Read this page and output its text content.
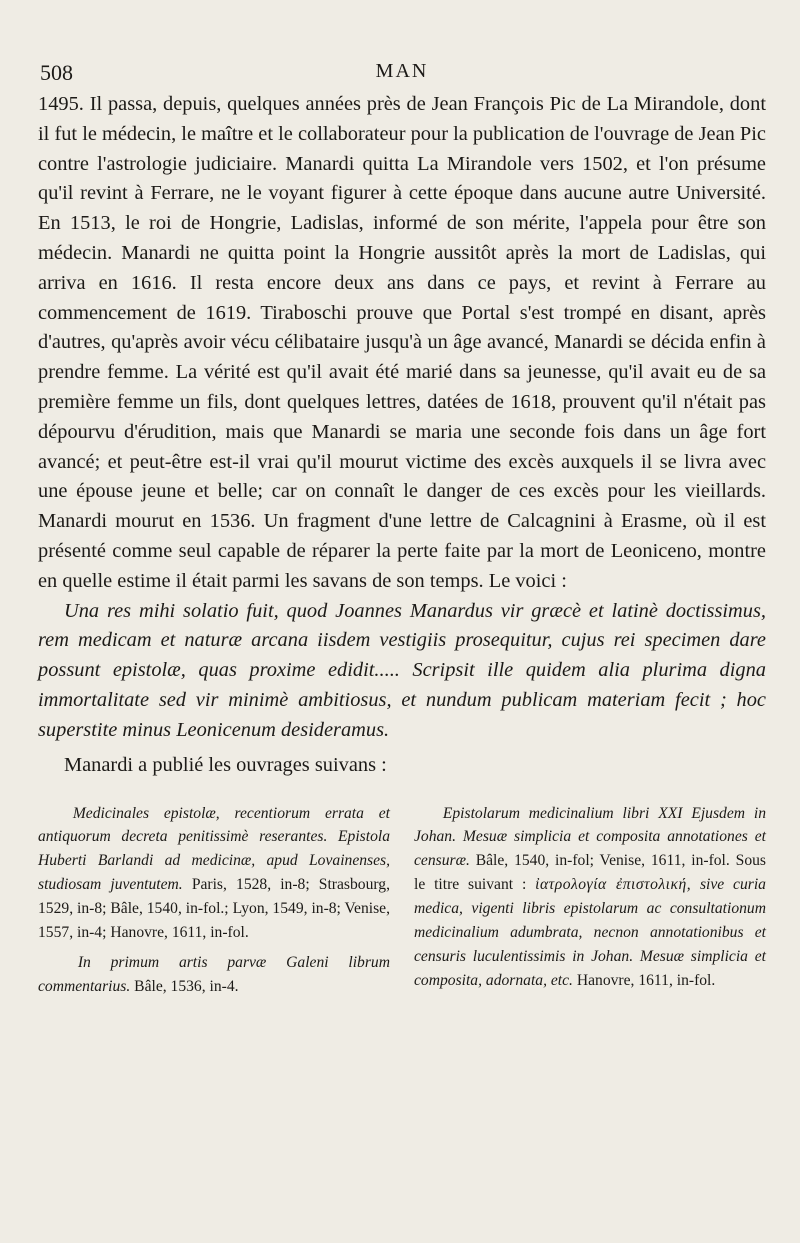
508	MAN

1495. Il passa, depuis, quelques années près de Jean François Pic de La Mirandole, dont il fut le médecin, le maître et le collaborateur pour la publication de l'ouvrage de Jean Pic contre l'astrologie judiciaire. Manardi quitta La Mirandole vers 1502, et l'on présume qu'il revint à Ferrare, ne le voyant figurer à cette époque dans aucune autre Université. En 1513, le roi de Hongrie, Ladislas, informé de son mérite, l'appela pour être son médecin. Manardi ne quitta point la Hongrie aussitôt après la mort de Ladislas, qui arriva en 1616. Il resta encore deux ans dans ce pays, et revint à Ferrare au commencement de 1619. Tiraboschi prouve que Portal s'est trompé en disant, après d'autres, qu'après avoir vécu célibataire jusqu'à un âge avancé, Manardi se décida enfin à prendre femme. La vérité est qu'il avait été marié dans sa jeunesse, qu'il avait eu de sa première femme un fils, dont quelques lettres, datées de 1618, prouvent qu'il n'était pas dépourvu d'érudition, mais que Manardi se maria une seconde fois dans un âge fort avancé; et peut-être est-il vrai qu'il mourut victime des excès auxquels il se livra avec une épouse jeune et belle; car on connaît le danger de ces excès pour les vieillards. Manardi mourut en 1536. Un fragment d'une lettre de Calcagnini à Erasme, où il est présenté comme seul capable de réparer la perte faite par la mort de Leoniceno, montre en quelle estime il était parmi les savans de son temps. Le voici :

Una res mihi solatio fuit, quod Joannes Manardus vir græcè et latinè doctissimus, rem medicam et naturæ arcana iisdem vestigiis prosequitur, cujus rei specimen dare possunt epistolæ, quas proxime edidit..... Scripsit ille quidem alia plurima digna immortalitate sed vir minimè ambitiosus, et nundum publicam materiam fecit ; hoc superstite minus Leonicenum desideramus.

Manardi a publié les ouvrages suivans :

Medicinales epistolæ, recentiorum errata et antiquorum decreta penitissimè reserantes. Epistola Huberti Barlandi ad medicinæ, apud Lovainenses, studiosam juventutem. Paris, 1528, in-8; Strasbourg, 1529, in-8; Bâle, 1540, in-fol.; Lyon, 1549, in-8; Venise, 1557, in-4; Hanovre, 1611, in-fol.

In primum artis parvæ Galeni librum commentarius. Bâle, 1536, in-4.

Epistolarum medicinalium libri XXI Ejusdem in Johan. Mesuæ simplicia et composita annotationes et censuræ. Bâle, 1540, in-fol; Venise, 1611, in-fol. Sous le titre suivant : ἰατρολογία ἐπιστολική, sive curia medica, vigenti libris epistolarum ac consultationum medicinalium adumbrata, necnon annotationibus et censuris luculentissimis in Johan. Mesuæ simplicia et composita, adornata, etc. Hanovre, 1611, in-fol.
